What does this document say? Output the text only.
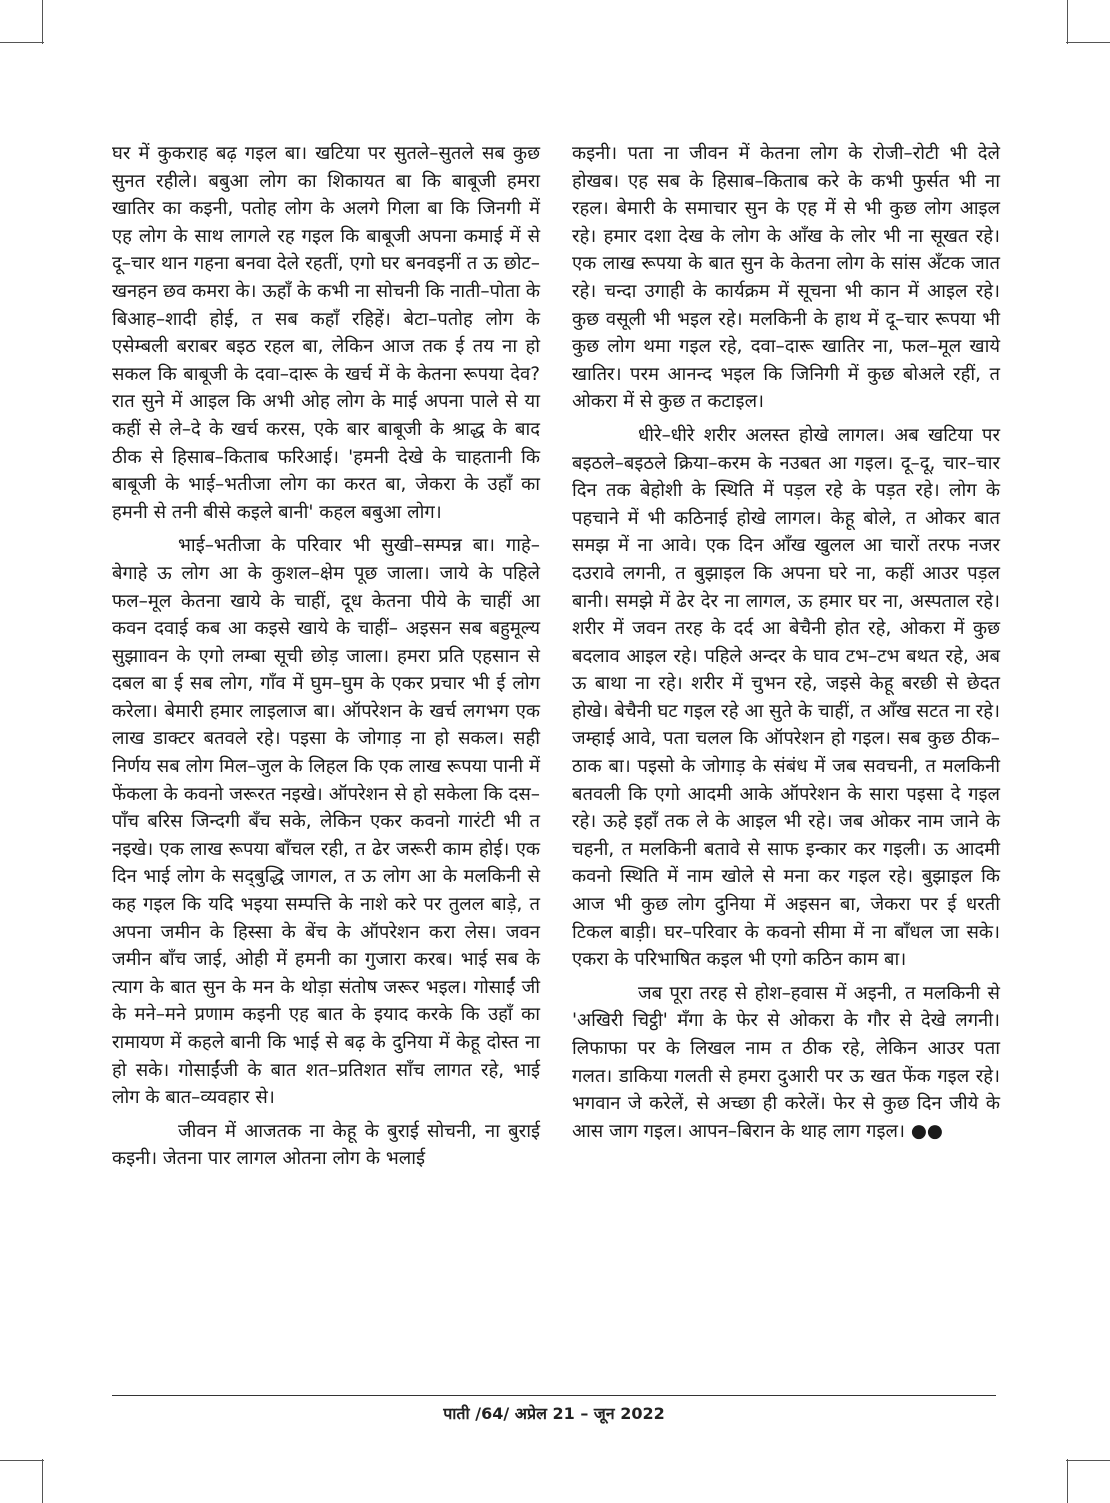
घर में कुकराह बढ़ गइल बा। खटिया पर सुतले–सुतले सब कुछ सुनत रहीले। बबुआ लोग का शिकायत बा कि बाबूजी हमरा खातिर का कइनी, पतोह लोग के अलगे गिला बा कि जिनगी में एह लोग के साथ लागले रह गइल कि बाबूजी अपना कमाई में से दू–चार थान गहना बनवा देले रहतीं, एगो घर बनवइनीं त ऊ छोट–खनहन छव कमरा के। ऊहाँ के कभी ना सोचनी कि नाती–पोता के बिआह–शादी होई, त सब कहाँ रहिहें। बेटा–पतोह लोग के एसेम्बली बराबर बइठ रहल बा, लेकिन आज तक ई तय ना हो सकल कि बाबूजी के दवा–दारू के खर्च में के केतना रूपया देव? रात सुने में आइल कि अभी ओह लोग के माई अपना पाले से या कहीं से ले–दे के खर्च करस, एके बार बाबूजी के श्राद्ध के बाद ठीक से हिसाब–किताब फरिआई। 'हमनी देखे के चाहतानी कि बाबूजी के भाई–भतीजा लोग का करत बा, जेकरा के उहाँ का हमनी से तनी बीसे कइले बानी' कहल बबुआ लोग।

भाई–भतीजा के परिवार भी सुखी–सम्पन्न बा। गाहे–बेगाहे ऊ लोग आ के कुशल–क्षेम पूछ जाला। जाये के पहिले फल–मूल केतना खाये के चाहीं, दूध केतना पीये के चाहीं आ कवन दवाई कब आ कइसे खाये के चाहीं– अइसन सब बहुमूल्य सुझाावन के एगो लम्बा सूची छोड़ जाला। हमरा प्रति एहसान से दबल बा ई सब लोग, गाँव में घुम–घुम के एकर प्रचार भी ई लोग करेला। बेमारी हमार लाइलाज बा। ऑपरेशन के खर्च लगभग एक लाख डाक्टर बतवले रहे। पइसा के जोगाड़ ना हो सकल। सही निर्णय सब लोग मिल–जुल के लिहल कि एक लाख रूपया पानी में फेंकला के कवनो जरूरत नइखे। ऑपरेशन से हो सकेला कि दस–पाँच बरिस जिन्दगी बँच सके, लेकिन एकर कवनो गारंटी भी त नइखे। एक लाख रूपया बाँचल रही, त ढेर जरूरी काम होई। एक दिन भाई लोग के सद्‌बुद्धि जागल, त ऊ लोग आ के मलकिनी से कह गइल कि यदि भइया सम्पत्ति के नाशे करे पर तुलल बाड़े, त अपना जमीन के हिस्सा के बेंच के ऑपरेशन करा लेस। जवन जमीन बाँच जाई, ओही में हमनी का गुजारा करब। भाई सब के त्याग के बात सुन के मन के थोड़ा संतोष जरूर भइल। गोसाईं जी के मने–मने प्रणाम कइनी एह बात के इयाद करके कि उहाँ का रामायण में कहले बानी कि भाई से बढ़ के दुनिया में केहू दोस्त ना हो सके। गोसाईंजी के बात शत–प्रतिशत साँच लागत रहे, भाई लोग के बात–व्यवहार से।

जीवन में आजतक ना केहू के बुराई सोचनी, ना बुराई कइनी। जेतना पार लागल ओतना लोग के भलाई

कइनी। पता ना जीवन में केतना लोग के रोजी–रोटी भी देले होखब। एह सब के हिसाब–किताब करे के कभी फुर्सत भी ना रहल। बेमारी के समाचार सुन के एह में से भी कुछ लोग आइल रहे। हमार दशा देख के लोग के आँख के लोर भी ना सूखत रहे। एक लाख रूपया के बात सुन के केतना लोग के सांस अँटक जात रहे। चन्दा उगाही के कार्यक्रम में सूचना भी कान में आइल रहे। कुछ वसूली भी भइल रहे। मलकिनी के हाथ में दू–चार रूपया भी कुछ लोग थमा गइल रहे, दवा–दारू खातिर ना, फल–मूल खाये खातिर। परम आनन्द भइल कि जिनिगी में कुछ बोअले रहीं, त ओकरा में से कुछ त कटाइल।

धीरे–धीरे शरीर अलस्त होखे लागल। अब खटिया पर बइठले–बइठले क्रिया–करम के नउबत आ गइल। दू–दू, चार–चार दिन तक बेहोशी के स्थिति में पड़ल रहे के पड़त रहे। लोग के पहचाने में भी कठिनाई होखे लागल। केहू बोले, त ओकर बात समझ में ना आवे। एक दिन आँख खुलल आ चारों तरफ नजर दउरावे लगनी, त बुझाइल कि अपना घरे ना, कहीं आउर पड़ल बानी। समझे में ढेर देर ना लागल, ऊ हमार घर ना, अस्पताल रहे। शरीर में जवन तरह के दर्द आ बेचैनी होत रहे, ओकरा में कुछ बदलाव आइल रहे। पहिले अन्दर के घाव टभ–टभ बथत रहे, अब ऊ बाथा ना रहे। शरीर में चुभन रहे, जइसे केहू बरछी से छेदत होखे। बेचैनी घट गइल रहे आ सुते के चाहीं, त आँख सटत ना रहे। जम्हाई आवे, पता चलल कि ऑपरेशन हो गइल। सब कुछ ठीक–ठाक बा। पइसो के जोगाड़ के संबंध में जब सवचनी, त मलकिनी बतवली कि एगो आदमी आके ऑपरेशन के सारा पइसा दे गइल रहे। ऊहे इहाँ तक ले के आइल भी रहे। जब ओकर नाम जाने के चहनी, त मलकिनी बतावे से साफ इन्कार कर गइली। ऊ आदमी कवनो स्थिति में नाम खोले से मना कर गइल रहे। बुझाइल कि आज भी कुछ लोग दुनिया में अइसन बा, जेकरा पर ई धरती टिकल बाड़ी। घर–परिवार के कवनो सीमा में ना बाँधल जा सके। एकरा के परिभाषित कइल भी एगो कठिन काम बा।

जब पूरा तरह से होश–हवास में अइनी, त मलकिनी से 'अखिरी चिट्ठी' मँगा के फेर से ओकरा के गौर से देखे लगनी। लिफाफा पर के लिखल नाम त ठीक रहे, लेकिन आउर पता गलत। डाकिया गलती से हमरा दुआरी पर ऊ खत फेंक गइल रहे। भगवान जे करेलें, से अच्छा ही करेलें। फेर से कुछ दिन जीये के आस जाग गइल। आपन–बिरान के थाह लाग गइल। ●●

पाती /64/ अप्रेल 21 – जून 2022
